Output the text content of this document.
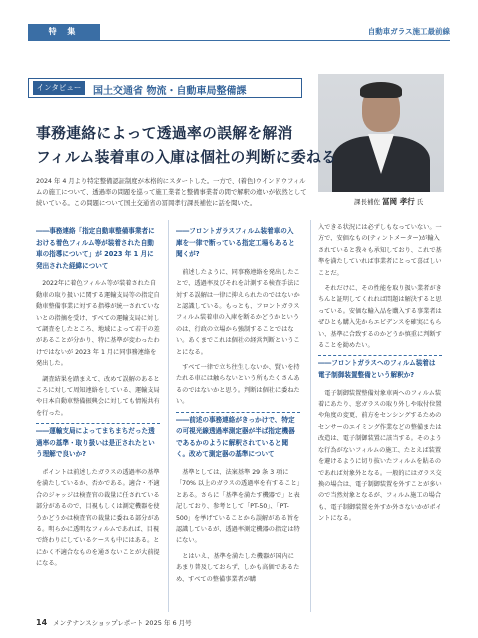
特 集	自動車ガラス施工最前線
インタビュー	国土交通省 物流・自動車局整備課
課長補佐 冨岡 孝行 氏
事務連絡によって透過率の誤解を解消
フィルム装着車の入庫は個社の判断に委ねる
2024 年 4 月より特定整備認証制度が本格的にスタートした。一方で、(着色)ウインドウフィルムの施工について、透過率の問題を巡って施工業者と整備事業者の間で解釈の違いが依然として続いている。この問題について国土交通省の冨岡孝行課長補佐に話を聞いた。
――事務連絡「指定自動車整備事業者における着色フィルム等が装着された自動車の指導について」が 2023 年 1 月に発出された経緯について
2022年に着色フィルム等が装着された自動車の取り扱いに関する運輸支局等の指定自動車整備事業に対する指導が統一されていないとの指摘を受け、すべての運輸支局に対して調査をしたところ、地域によって若干の差があることが分かり、特に基準が変わったわけではないが 2023 年 1 月に同事務連絡を発出した。
調査結果を踏まえて、改めて誤解のあるところに対して周知連絡をしている、運輸支局や日本自動車整備振興会に対しても情報共有を行った。
――運輸支局によってまちまちだった透過率の基準・取り扱いは是正されたという理解で良いか?
ポイントは前述したガラスの透過率の基準を満たしているか、否かである。適合・不適合のジャッジは検査官の裁量に任されている部分があるので、目視もしくは測定機器を使うかどうかは検査官の裁量に委ねる部分がある。明らかに透明なフィルムであれば、目視で終わりにしているケースも中にはある。とにかく不適合なものを通さないことが大前提になる。
――フロントガラスフィルム装着車の入庫を一律で断っている指定工場もあると聞くが?
前述したように、同事務連絡を発出したことで、透過率及びそれを計測する検査手法に対する誤解は一律に抑えられたのではないかと認識している。もっとも、フロントガラスフィルム装着車の入庫を断るかどうかというのは、行政の立場から強制することではない。あくまでこれは個社の経営判断ということになる。
すべて一律で立ち往生しないか、賢いを持たれる車には触らないという所もたくさんあるのではないかと思う。判断は個社に委ねたい。
――前述の事務連絡がきっかけで、特定の可視光線透過率測定器が半ば指定機器であるかのように解釈されていると聞く。改めて測定器の基準について
基準としては、法案基準 29 条 3 項に「70% 以上のガラスの透過率を有すること」とある。さらに「基準を満たす機器で」と表記しており、参考として「PT-50」、「PT-500」を挙げていることから誤解がある旨を認識しているが、透過率測定機器の指定は特にない。
とはいえ、基準を満たした機器が国内にあまり普及しておらず、しかも高価であるため、すべての整備事業者が購
入できる状況には必ずしもなっていない。一方で、安価なもの(ティントメーター)が輸入されていると我々も承知しており、これで基準を満たしていれば事業者にとって喜ばしいことだ。
それだけに、その性能を取り扱い業者がきちんと証明してくれれば問題は解決すると思っている。安価な輸入品を購入する事業者はぜひとも購入先からエビデンスを確実にもらい、基準に合致するのかどうか慎重に判断することを勧めたい。
――フロントガラスへのフィルム装着は電子制御装置整備という解釈か?
電子制御装置整備対象車両へのフィルム装着にあたり、窓ガラスの取り外しや取付位置や角度の変更、前方をセンシングするためのセンサーのエイミング作業などの整備または改造は、電子制御装置に該当する。そのような行為がないフィルムの施工、たとえば装置を避けるように切り抜いたフィルムを貼るのであれば対象外となる。一般的にはガラス交換の場合は、電子制御装置を外すことが多いので当然対象となるが、フィルム施工の場合も、電子制御装置を外すか外さないかがポイントになる。
14 メンテナンスショップレポート 2025 年 6 月号
